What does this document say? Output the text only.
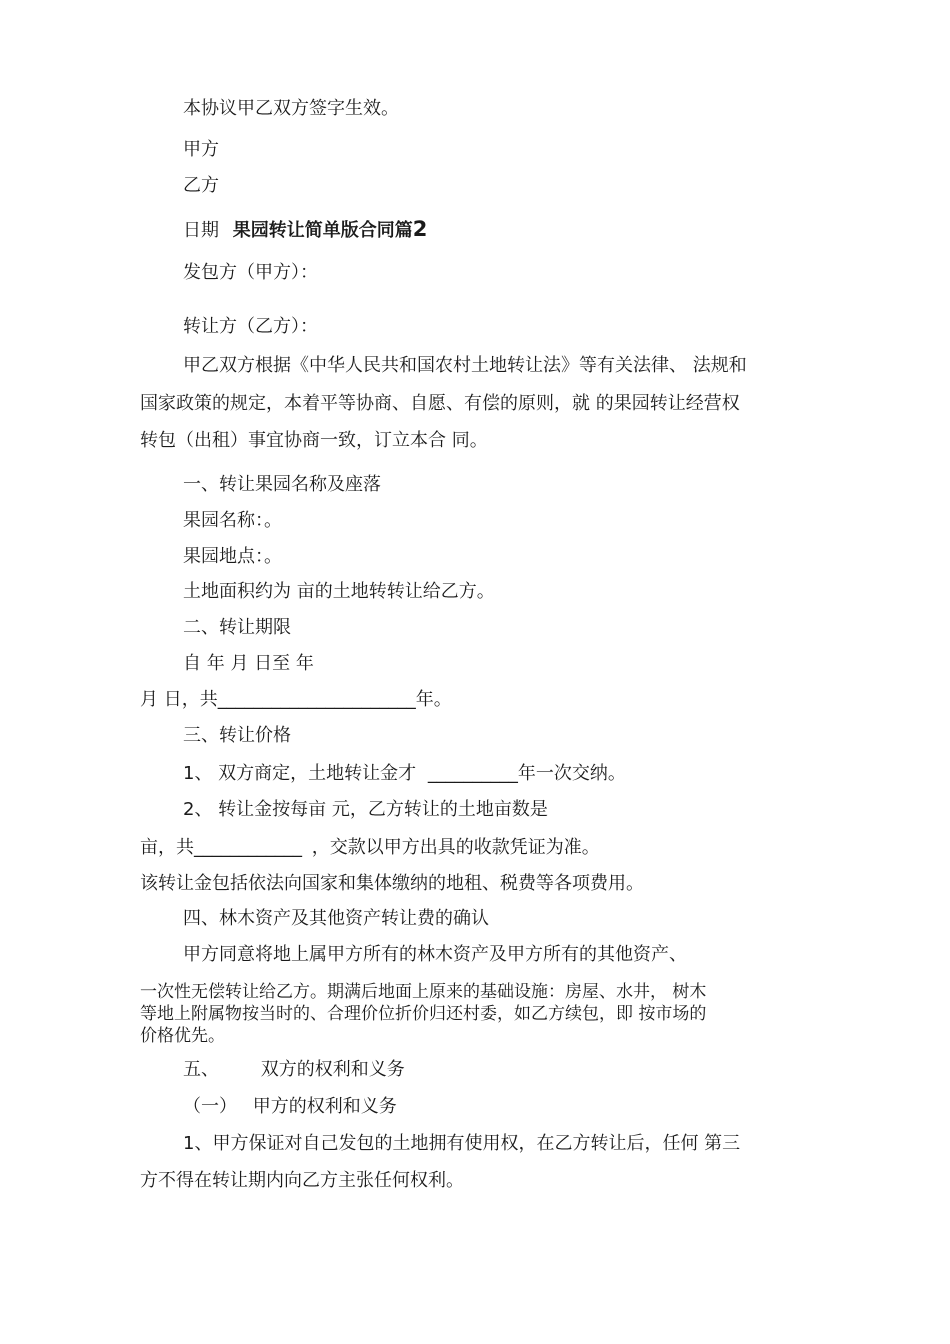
本协议甲乙双方签字生效。
甲方
乙方
日期 果园转让简单版合同篇2
发包方（甲方）：
转让方（乙方）：
甲乙双方根据《中华人民共和国农村土地转让法》等有关法律、 法规和
国家政策的规定，本着平等协商、自愿、有偿的原则，就 的果园转让经营权
转包（出租）事宜协商一致，订立本合 同。
一、转让果园名称及座落
果园名称：。
果园地点：。
土地面积约为 亩的土地转转让给乙方。
二、转让期限
自 年 月 日至 年
月 日，共______________________年。
三、转让价格
1、 双方商定，土地转让金才 __________年一次交纳。
2、 转让金按每亩 元，乙方转让的土地亩数是
亩，共____________ ，交款以甲方出具的收款凭证为准。
该转让金包括依法向国家和集体缴纳的地租、税费等各项费用。
四、林木资产及其他资产转让费的确认
甲方同意将地上属甲方所有的林木资产及甲方所有的其他资产、
一次性无偿转让给乙方。期满后地面上原来的基础设施：房屋、水井， 树木
等地上附属物按当时的、合理价位折价归还村委，如乙方续包，即 按市场的
价格优先。
五、 双方的权利和义务
（一） 甲方的权利和义务
1、甲方保证对自己发包的土地拥有使用权，在乙方转让后，任何 第三
方不得在转让期内向乙方主张任何权利。
